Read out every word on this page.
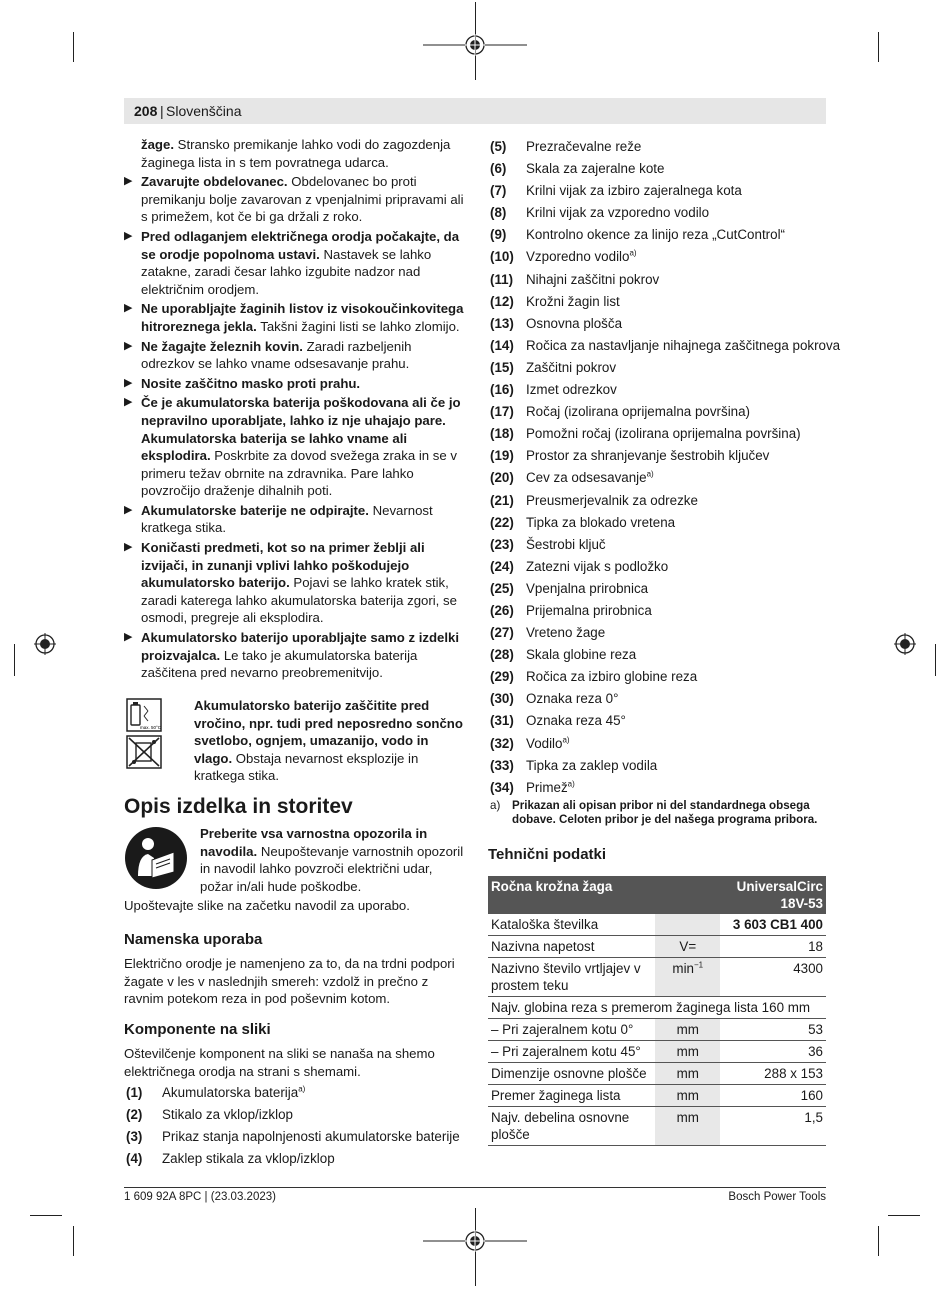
208 | Slovenščina
žage. Stransko premikanje lahko vodi do zagozdenja žaginega lista in s tem povratnega udarca.
▶ Zavarujte obdelovanec. Obdelovanec bo proti premikanju bolje zavarovan z vpenjalnimi pripravami ali s primežem, kot če bi ga držali z roko.
▶ Pred odlaganjem električnega orodja počakajte, da se orodje popolnoma ustavi. Nastavek se lahko zatakne, zaradi česar lahko izgubite nadzor nad električnim orodjem.
▶ Ne uporabljajte žaginih listov iz visokoučinkovitega hitroreznega jekla. Takšni žagini listi se lahko zlomijo.
▶ Ne žagajte železnih kovin. Zaradi razbeljenih odrezkov se lahko vname odsesavanje prahu.
▶ Nosite zaščitno masko proti prahu.
▶ Če je akumulatorska baterija poškodovana ali če jo nepravilno uporabljate, lahko iz nje uhajajo pare. Akumulatorska baterija se lahko vname ali eksplodira. Poskrbite za dovod svežega zraka in se v primeru težav obrnite na zdravnika. Pare lahko povzročijo draženje dihalnih poti.
▶ Akumulatorske baterije ne odpirajte. Nevarnost kratkega stika.
▶ Koničasti predmeti, kot so na primer žeblji ali izvijači, in zunanji vplivi lahko poškodujejo akumulatorsko baterijo. Pojavi se lahko kratek stik, zaradi katerega lahko akumulatorska baterija zgori, se osmodi, pregreje ali eksplodira.
▶ Akumulatorsko baterijo uporabljajte samo z izdelki proizvajalca. Le tako je akumulatorska baterija zaščitena pred nevarno preobremenitvijo.
max. 50°C
Akumulatorsko baterijo zaščitite pred vročino, npr. tudi pred neposredno sončno svetlobo, ognjem, umazanijo, vodo in vlago. Obstaja nevarnost eksplozije in kratkega stika.
Opis izdelka in storitev
Preberite vsa varnostna opozorila in navodila. Neupoštevanje varnostnih opozoril in navodil lahko povzroči električni udar, požar in/ali hude poškodbe.
Upoštevajte slike na začetku navodil za uporabo.
Namenska uporaba
Električno orodje je namenjeno za to, da na trdni podpori žagate v les v naslednjih smereh: vzdolž in prečno z ravnim potekom reza in pod poševnim kotom.
Komponente na sliki
Oštevilčenje komponent na sliki se nanaša na shemo električnega orodja na strani s shemami.
(1) Akumulatorska baterija$^{a)}$
(2) Stikalo za vklop/izklop
(3) Prikaz stanja napolnjenosti akumulatorske baterije
(4) Zaklep stikala za vklop/izklop
(5) Prezračevalne reže
(6) Skala za zajeralne kote
(7) Krilni vijak za izbiro zajeralnega kota
(8) Krilni vijak za vzporedno vodilo
(9) Kontrolno okence za linijo reza „CutControl“
(10) Vzporedno vodilo$^{a)}$
(11) Nihajni zaščitni pokrov
(12) Krožni žagin list
(13) Osnovna plošča
(14) Ročica za nastavljanje nihajnega zaščitnega pokrova
(15) Zaščitni pokrov
(16) Izmet odrezkov
(17) Ročaj (izolirana oprijemalna površina)
(18) Pomožni ročaj (izolirana oprijemalna površina)
(19) Prostor za shranjevanje šestrobih ključev
(20) Cev za odsesavanje$^{a)}$
(21) Preusmerjevalnik za odrezke
(22) Tipka za blokado vretena
(23) Šestrobi ključ
(24) Zatezni vijak s podložko
(25) Vpenjalna prirobnica
(26) Prijemalna prirobnica
(27) Vreteno žage
(28) Skala globine reza
(29) Ročica za izbiro globine reza
(30) Oznaka reza 0°
(31) Oznaka reza 45°
(32) Vodilo$^{a)}$
(33) Tipka za zaklep vodila
(34) Primež$^{a)}$
a)	Prikazan ali opisan pribor ni del standardnega obsega dobave. Celoten pribor je del našega programa pribora.
Tehnični podatki
Ročna krožna žaga		UniversalCirc 18V-53
Kataloška številka		3 603 CB1 400
Nazivna napetost	V=	18
Nazivno število vrtljajev v prostem teku	$\min^{-1}$	4300
Najv. globina reza s premerom žaginega lista 160 mm		
– Pri zajeralnem kotu 0°	mm	53
– Pri zajeralnem kotu 45°	mm	36
Dimenzije osnovne plošče	mm	288 x 153
Premer žaginega lista	mm	160
Najv. debelina osnovne plošče	mm	1,5
1 609 92A 8PC | (23.03.2023)	Bosch Power Tools
